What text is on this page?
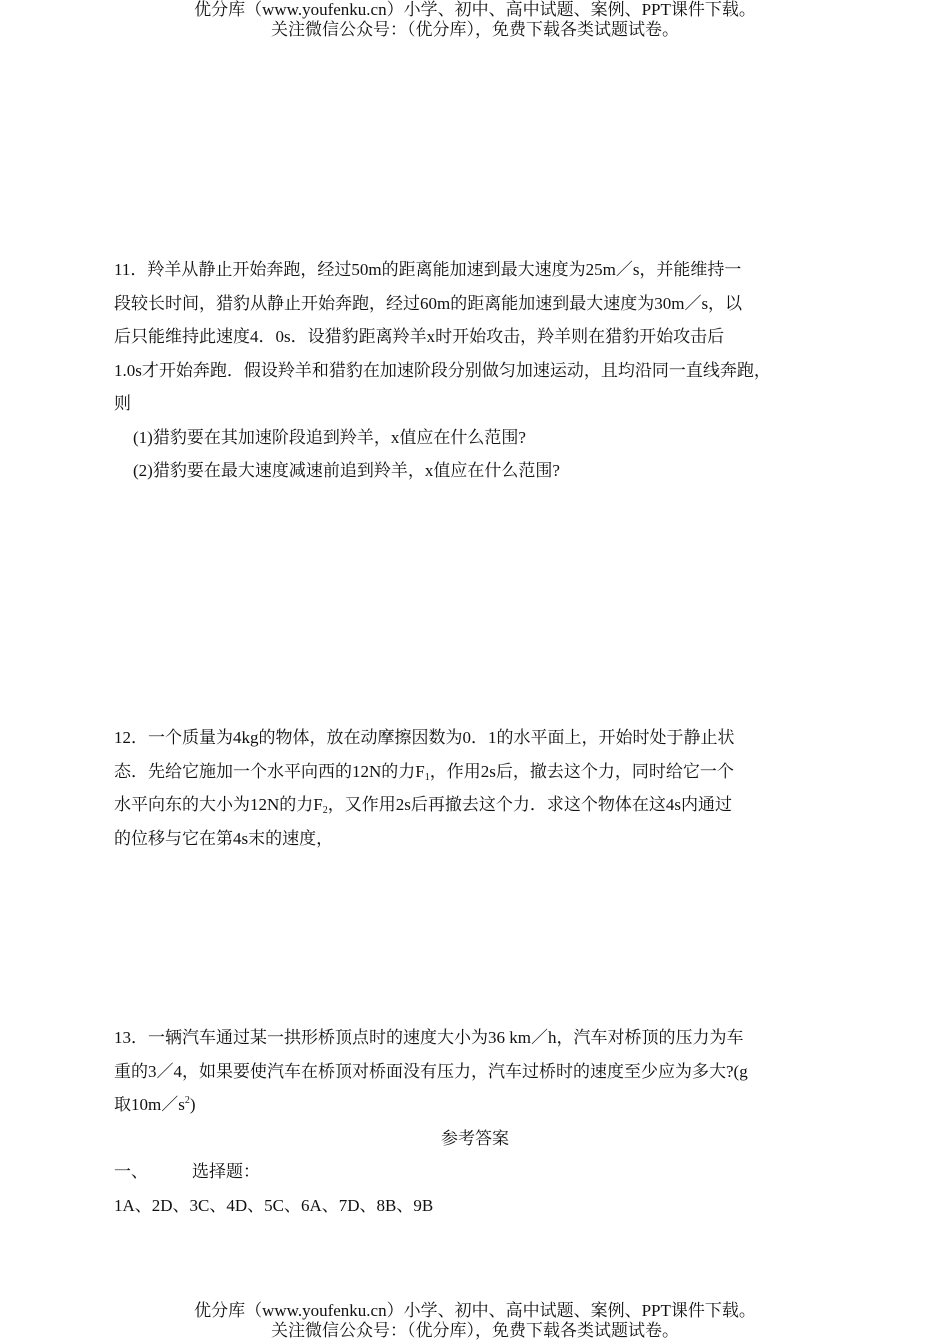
优分库（www.youfenku.cn）小学、初中、高中试题、案例、PPT课件下载。
关注微信公众号：（优分库），免费下载各类试题试卷。
11．羚羊从静止开始奔跑，经过50m的距离能加速到最大速度为25m／s，并能维持一
段较长时间，猎豹从静止开始奔跑，经过60m的距离能加速到最大速度为30m／s，以
后只能维持此速度4．0s．设猎豹距离羚羊x时开始攻击，羚羊则在猎豹开始攻击后
1.0s才开始奔跑．假设羚羊和猎豹在加速阶段分别做匀加速运动，且均沿同一直线奔跑，
则
(1)猎豹要在其加速阶段追到羚羊，x值应在什么范围?
(2)猎豹要在最大速度减速前追到羚羊，x值应在什么范围?
12．一个质量为4kg的物体，放在动摩擦因数为0．1的水平面上，开始时处于静止状
态．先给它施加一个水平向西的12N的力$F_1$，作用2s后，撤去这个力，同时给它一个
水平向东的大小为12N的力$F_2$，又作用2s后再撤去这个力．求这个物体在这4s内通过
的位移与它在第4s末的速度，
13．一辆汽车通过某一拱形桥顶点时的速度大小为36 km／h，汽车对桥顶的压力为车
重的3／4，如果要使汽车在桥顶对桥面没有压力，汽车过桥时的速度至少应为多大?(g
取$10m/s^2$)
参考答案
一、	选择题：
1A、2D、3C、4D、5C、6A、7D、8B、9B
优分库（www.youfenku.cn）小学、初中、高中试题、案例、PPT课件下载。
关注微信公众号：（优分库），免费下载各类试题试卷。
